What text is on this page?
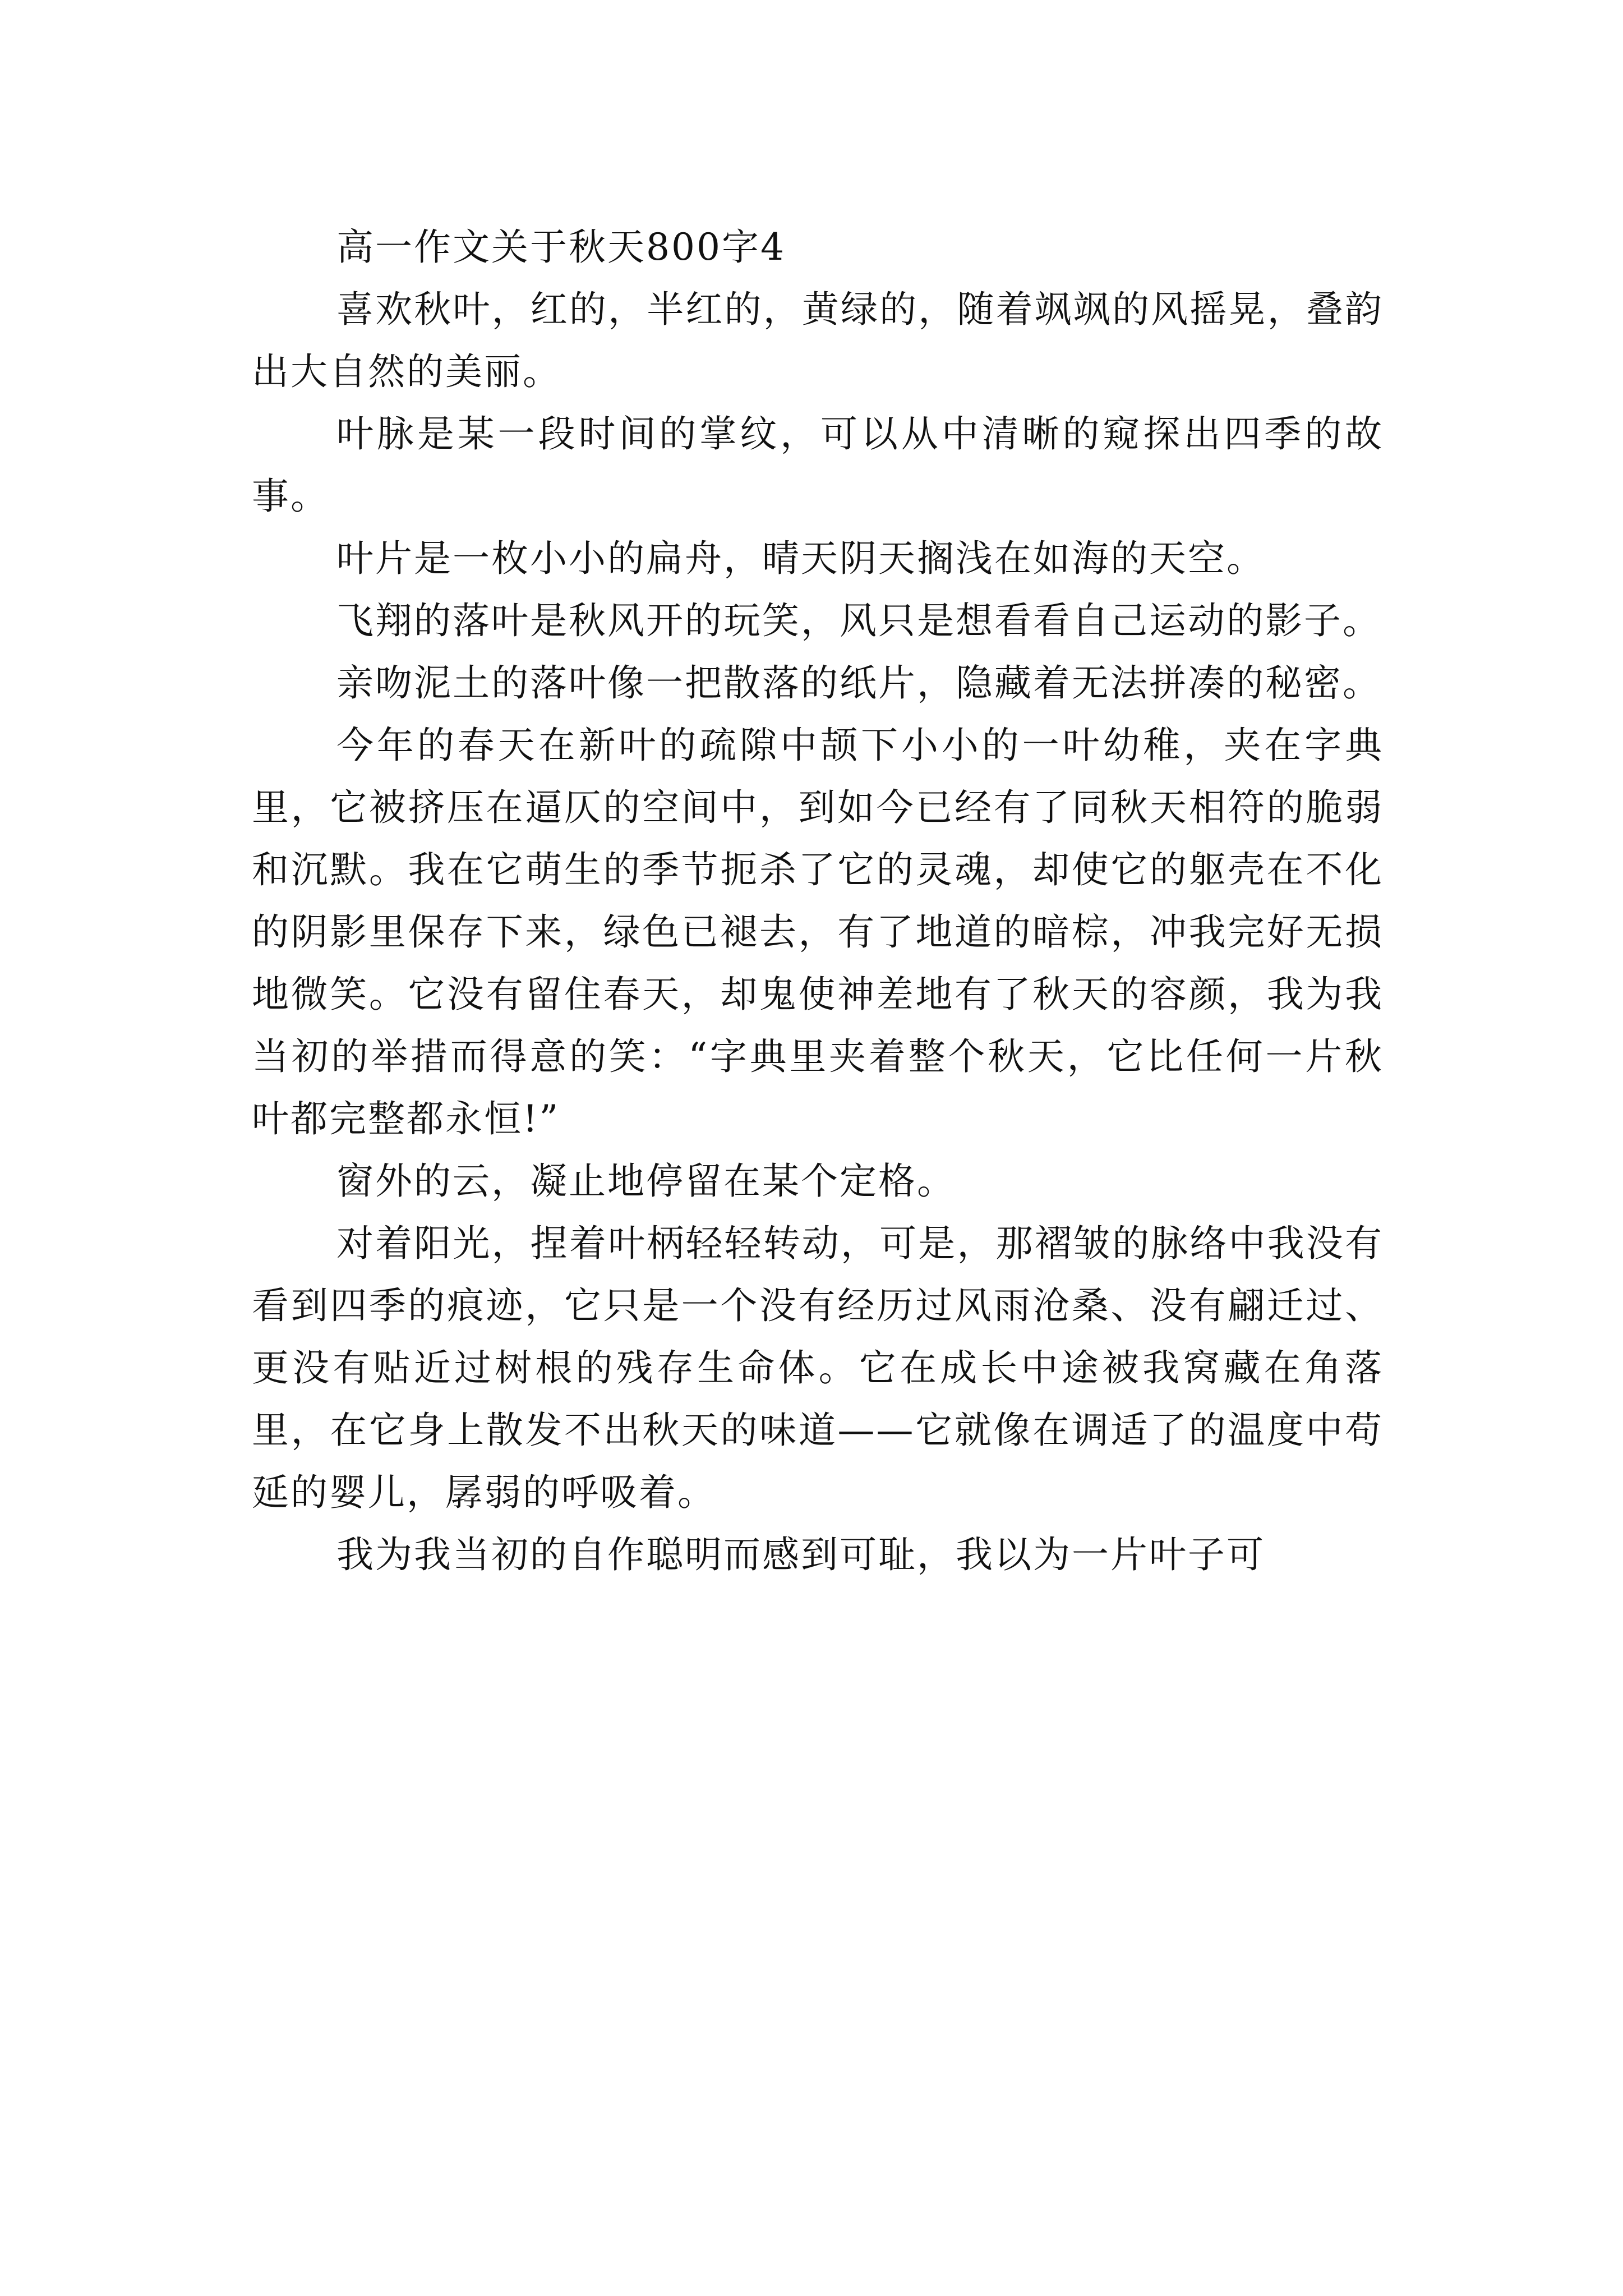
高一作文关于秋天800字4

喜欢秋叶，红的，半红的，黄绿的，随着飒飒的风摇晃，叠韵出大自然的美丽。

叶脉是某一段时间的掌纹，可以从中清晰的窥探出四季的故事。

叶片是一枚小小的扁舟，晴天阴天搁浅在如海的天空。

飞翔的落叶是秋风开的玩笑，风只是想看看自己运动的影子。

亲吻泥土的落叶像一把散落的纸片，隐藏着无法拼凑的秘密。

今年的春天在新叶的疏隙中颉下小小的一叶幼稚，夹在字典里，它被挤压在逼仄的空间中，到如今已经有了同秋天相符的脆弱和沉默。我在它萌生的季节扼杀了它的灵魂，却使它的躯壳在不化的阴影里保存下来，绿色已褪去，有了地道的暗棕，冲我完好无损地微笑。它没有留住春天，却鬼使神差地有了秋天的容颜，我为我当初的举措而得意的笑：“字典里夹着整个秋天，它比任何一片秋叶都完整都永恒!”

窗外的云，凝止地停留在某个定格。

对着阳光，捏着叶柄轻轻转动，可是，那褶皱的脉络中我没有看到四季的痕迹，它只是一个没有经历过风雨沧桑、没有翩迁过、更没有贴近过树根的残存生命体。它在成长中途被我窝藏在角落里，在它身上散发不出秋天的味道——它就像在调适了的温度中苟延的婴儿，孱弱的呼吸着。

我为我当初的自作聪明而感到可耻，我以为一片叶子可
